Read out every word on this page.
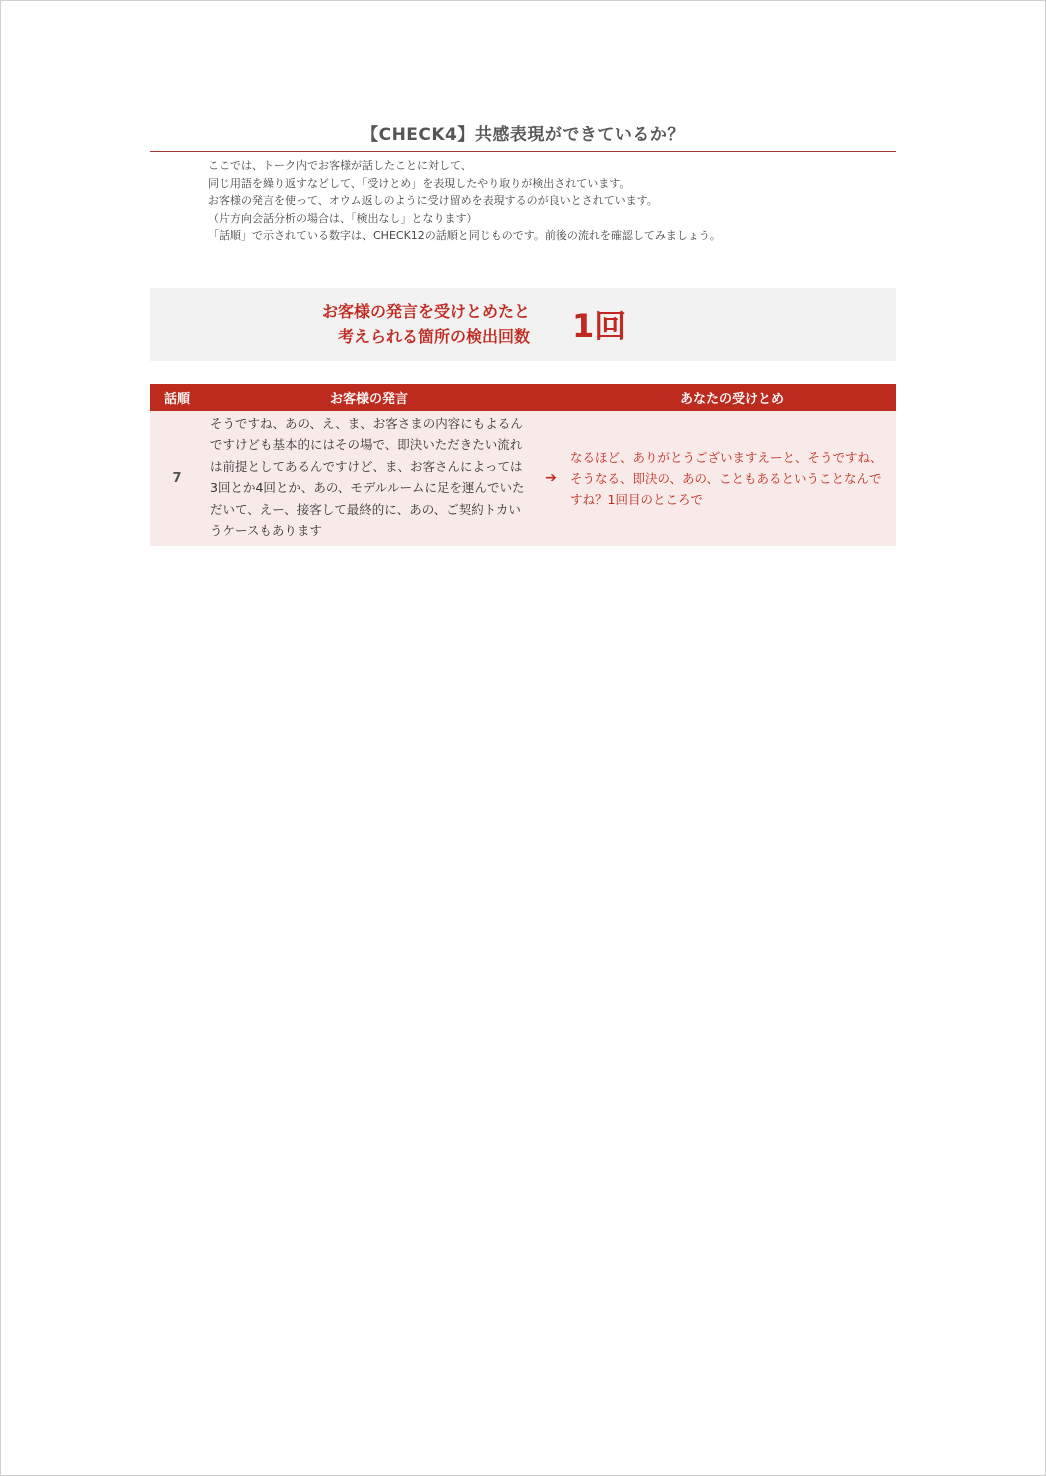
【CHECK4】共感表現ができているか？
ここでは、トーク内でお客様が話したことに対して、
同じ用語を繰り返すなどして、「受けとめ」を表現したやり取りが検出されています。
お客様の発言を使って、オウム返しのように受け留めを表現するのが良いとされています。
（片方向会話分析の場合は、「検出なし」となります）
「話順」で示されている数字は、CHECK12の話順と同じものです。前後の流れを確認してみましょう。
お客様の発言を受けとめたと
考えられる箇所の検出回数 1回
話順	お客様の発言		あなたの受けとめ
7	そうですね、あの、え、ま、お客さまの内容にもよるんですけども基本的にはその場で、即決いただきたい流れは前提としてあるんですけど、ま、お客さんによっては3回とか4回とか、あの、モデルルームに足を運んでいただいて、えー、接客して最終的に、あの、ご契約トカいうケースもあります	➔	なるほど、ありがとうございますえーと、そうですね、そうなる、即決の、あの、こともあるということなんですね？1回目のところで
